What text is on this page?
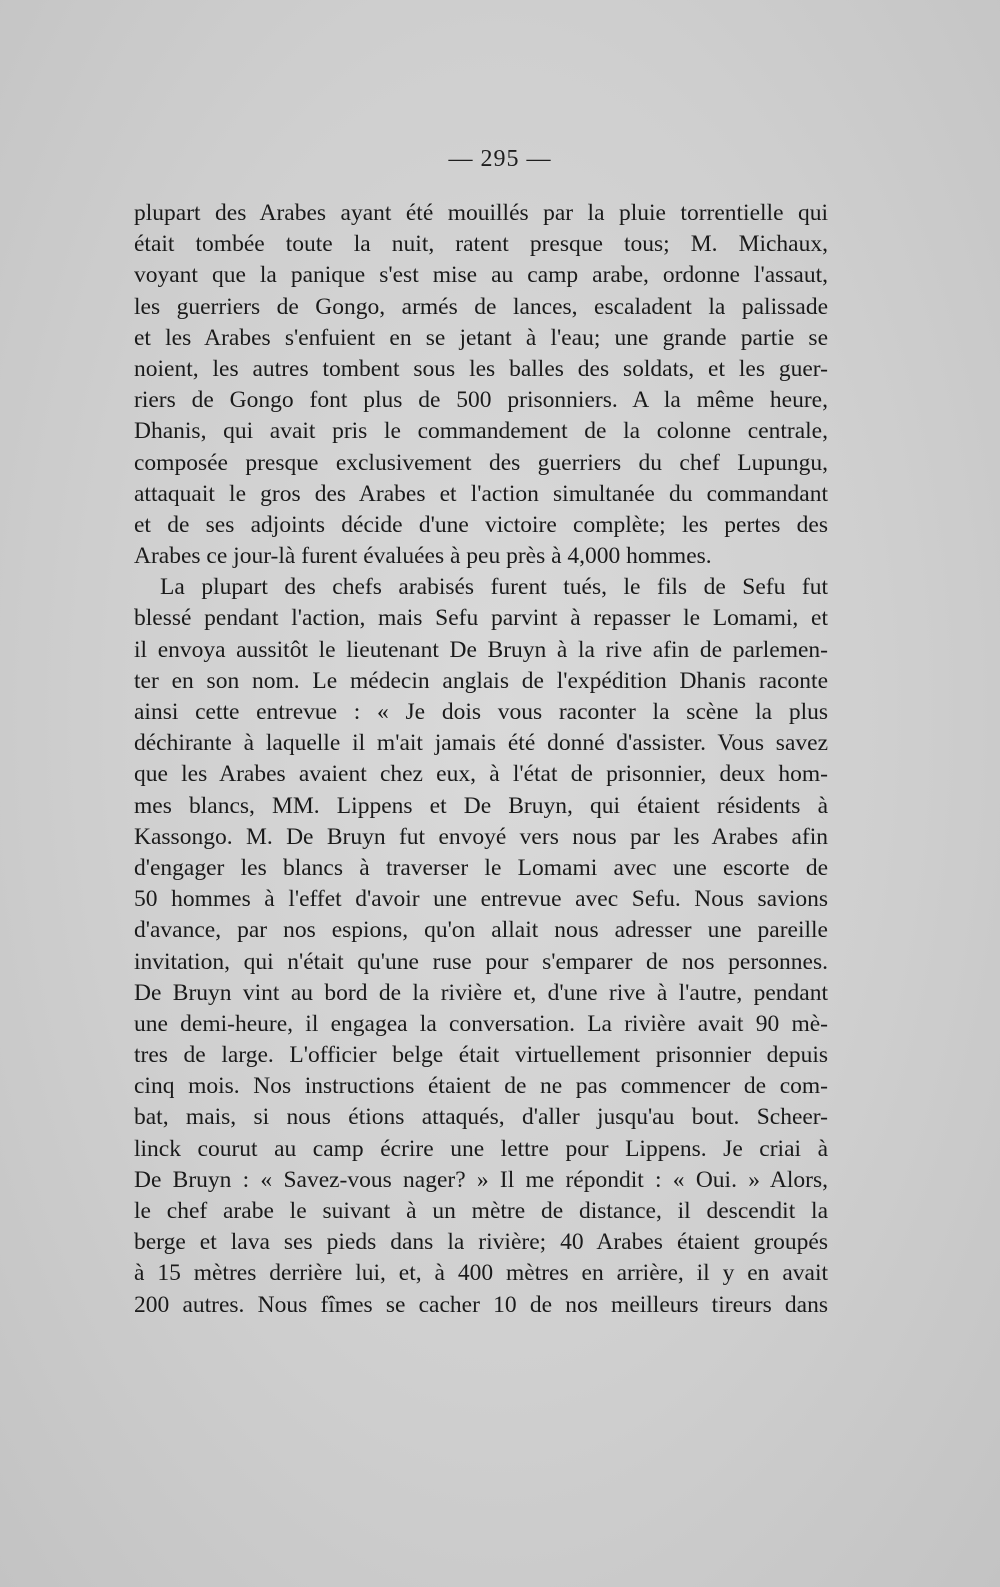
— 295 —
plupart des Arabes ayant été mouillés par la pluie torrentielle qui
était tombée toute la nuit, ratent presque tous; M. Michaux,
voyant que la panique s'est mise au camp arabe, ordonne l'assaut,
les guerriers de Gongo, armés de lances, escaladent la palissade
et les Arabes s'enfuient en se jetant à l'eau; une grande partie se
noient, les autres tombent sous les balles des soldats, et les guer-
riers de Gongo font plus de 500 prisonniers. A la même heure,
Dhanis, qui avait pris le commandement de la colonne centrale,
composée presque exclusivement des guerriers du chef Lupungu,
attaquait le gros des Arabes et l'action simultanée du commandant
et de ses adjoints décide d'une victoire complète; les pertes des
Arabes ce jour-là furent évaluées à peu près à 4,000 hommes.
La plupart des chefs arabisés furent tués, le fils de Sefu fut
blessé pendant l'action, mais Sefu parvint à repasser le Lomami, et
il envoya aussitôt le lieutenant De Bruyn à la rive afin de parlemen-
ter en son nom. Le médecin anglais de l'expédition Dhanis raconte
ainsi cette entrevue : « Je dois vous raconter la scène la plus
déchirante à laquelle il m'ait jamais été donné d'assister. Vous savez
que les Arabes avaient chez eux, à l'état de prisonnier, deux hom-
mes blancs, MM. Lippens et De Bruyn, qui étaient résidents à
Kassongo. M. De Bruyn fut envoyé vers nous par les Arabes afin
d'engager les blancs à traverser le Lomami avec une escorte de
50 hommes à l'effet d'avoir une entrevue avec Sefu. Nous savions
d'avance, par nos espions, qu'on allait nous adresser une pareille
invitation, qui n'était qu'une ruse pour s'emparer de nos personnes.
De Bruyn vint au bord de la rivière et, d'une rive à l'autre, pendant
une demi-heure, il engagea la conversation. La rivière avait 90 mè-
tres de large. L'officier belge était virtuellement prisonnier depuis
cinq mois. Nos instructions étaient de ne pas commencer de com-
bat, mais, si nous étions attaqués, d'aller jusqu'au bout. Scheer-
linck courut au camp écrire une lettre pour Lippens. Je criai à
De Bruyn : « Savez-vous nager? » Il me répondit : « Oui. » Alors,
le chef arabe le suivant à un mètre de distance, il descendit la
berge et lava ses pieds dans la rivière; 40 Arabes étaient groupés
à 15 mètres derrière lui, et, à 400 mètres en arrière, il y en avait
200 autres. Nous fîmes se cacher 10 de nos meilleurs tireurs dans
